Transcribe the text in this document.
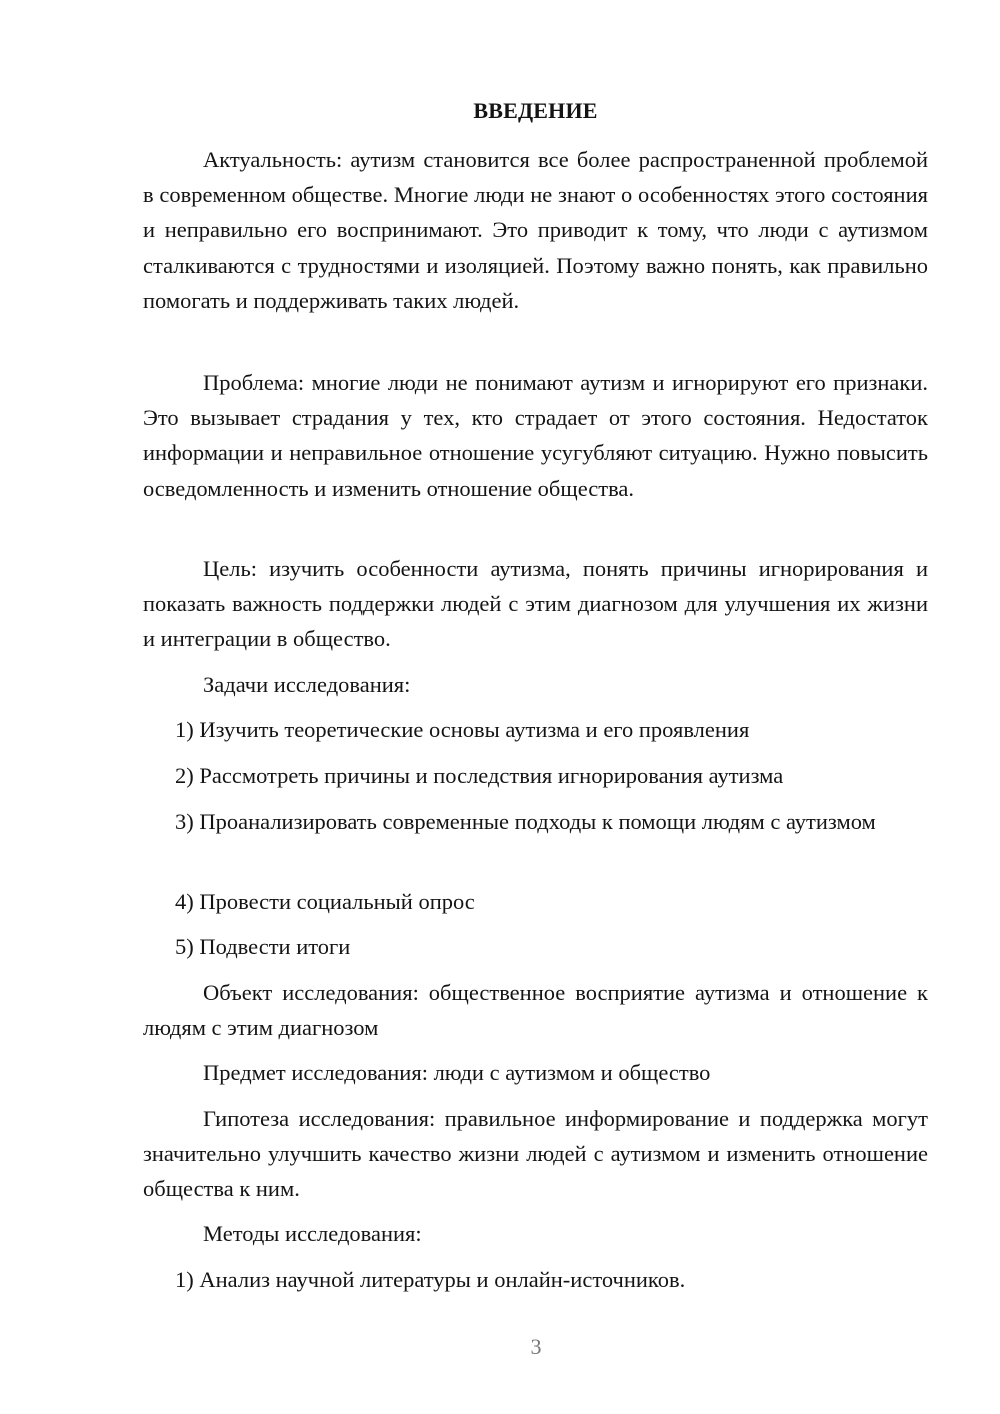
ВВЕДЕНИЕ

Актуальность: аутизм становится все более распространенной проблемой в современном обществе. Многие люди не знают о особенностях этого состояния и неправильно его воспринимают. Это приводит к тому, что люди с аутизмом сталкиваются с трудностями и изоляцией. Поэтому важно понять, как правильно помогать и поддерживать таких людей.

Проблема: многие люди не понимают аутизм и игнорируют его признаки. Это вызывает страдания у тех, кто страдает от этого состояния. Недостаток информации и неправильное отношение усугубляют ситуацию. Нужно повысить осведомленность и изменить отношение общества.

Цель: изучить особенности аутизма, понять причины игнорирования и показать важность поддержки людей с этим диагнозом для улучшения их жизни и интеграции в общество.

Задачи исследования:

1) Изучить теоретические основы аутизма и его проявления

2) Рассмотреть причины и последствия игнорирования аутизма

3) Проанализировать современные подходы к помощи людям с аутизмом

4) Провести социальный опрос

5) Подвести итоги

Объект исследования: общественное восприятие аутизма и отношение к людям с этим диагнозом

Предмет исследования: люди с аутизмом и общество

Гипотеза исследования: правильное информирование и поддержка могут значительно улучшить качество жизни людей с аутизмом и изменить отношение общества к ним.

Методы исследования:

1) Анализ научной литературы и онлайн-источников.

3
